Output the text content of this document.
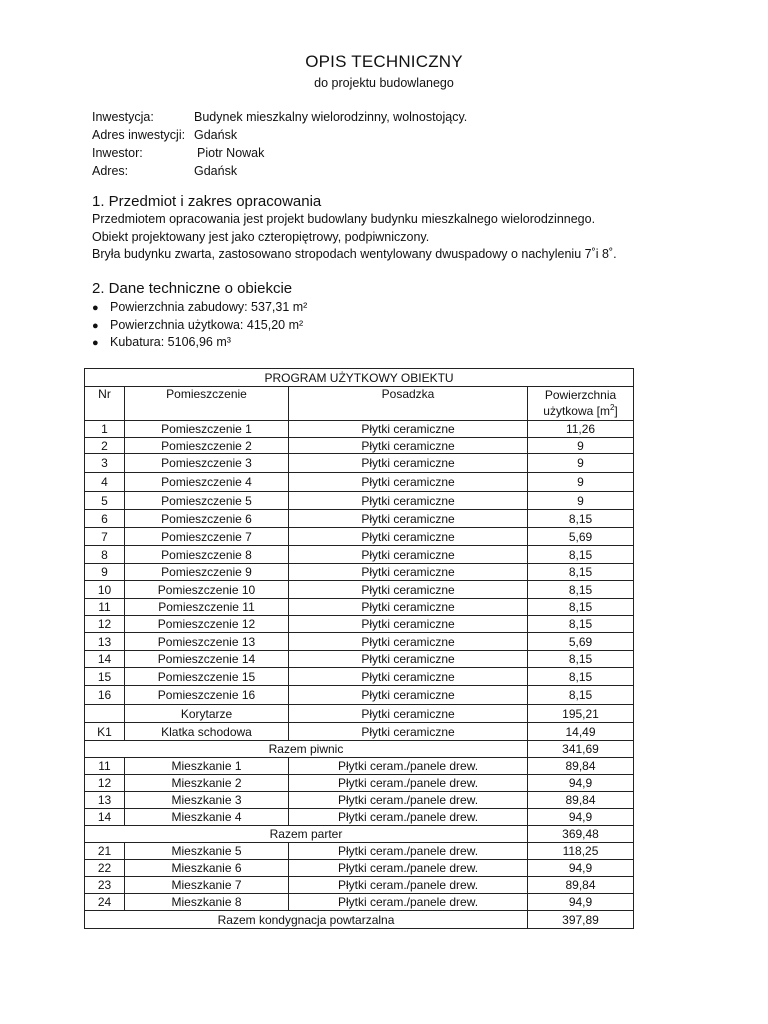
OPIS TECHNICZNY
do projektu budowlanego
Inwestycja:	Budynek mieszkalny wielorodzinny, wolnostojący.
Adres inwestycji: Gdańsk
Inwestor:	Piotr Nowak
Adres:	Gdańsk
1. Przedmiot i zakres opracowania
Przedmiotem opracowania jest projekt budowlany budynku mieszkalnego wielorodzinnego.
Obiekt projektowany jest jako czteropiętrowy, podpiwniczony.
Bryła budynku zwarta, zastosowano stropodach wentylowany dwuspadowy o nachyleniu 7˚i 8˚.
2. Dane techniczne o obiekcie
● Powierzchnia zabudowy: 537,31 m²
● Powierzchnia użytkowa: 415,20 m²
● Kubatura: 5106,96 m³
PROGRAM UŻYTKOWY OBIEKTU			
Nr	Pomieszczenie	Posadzka	Powierzchnia
użytkowa $[m^2]$
1	Pomieszczenie 1	Płytki ceramiczne	11,26
2	Pomieszczenie 2	Płytki ceramiczne	9
3	Pomieszczenie 3	Płytki ceramiczne	9
4	Pomieszczenie 4	Płytki ceramiczne	9
5	Pomieszczenie 5	Płytki ceramiczne	9
6	Pomieszczenie 6	Płytki ceramiczne	8,15
7	Pomieszczenie 7	Płytki ceramiczne	5,69
8	Pomieszczenie 8	Płytki ceramiczne	8,15
9	Pomieszczenie 9	Płytki ceramiczne	8,15
10	Pomieszczenie 10	Płytki ceramiczne	8,15
11	Pomieszczenie 11	Płytki ceramiczne	8,15
12	Pomieszczenie 12	Płytki ceramiczne	8,15
13	Pomieszczenie 13	Płytki ceramiczne	5,69
14	Pomieszczenie 14	Płytki ceramiczne	8,15
15	Pomieszczenie 15	Płytki ceramiczne	8,15
16	Pomieszczenie 16	Płytki ceramiczne	8,15
	Korytarze	Płytki ceramiczne	195,21
K1	Klatka schodowa	Płytki ceramiczne	14,49
Razem piwnic			341,69
11	Mieszkanie 1	Płytki ceram./panele drew.	89,84
12	Mieszkanie 2	Płytki ceram./panele drew.	94,9
13	Mieszkanie 3	Płytki ceram./panele drew.	89,84
14	Mieszkanie 4	Płytki ceram./panele drew.	94,9
Razem parter			369,48
21	Mieszkanie 5	Płytki ceram./panele drew.	118,25
22	Mieszkanie 6	Płytki ceram./panele drew.	94,9
23	Mieszkanie 7	Płytki ceram./panele drew.	89,84
24	Mieszkanie 8	Płytki ceram./panele drew.	94,9
Razem kondygnacja powtarzalna			397,89
